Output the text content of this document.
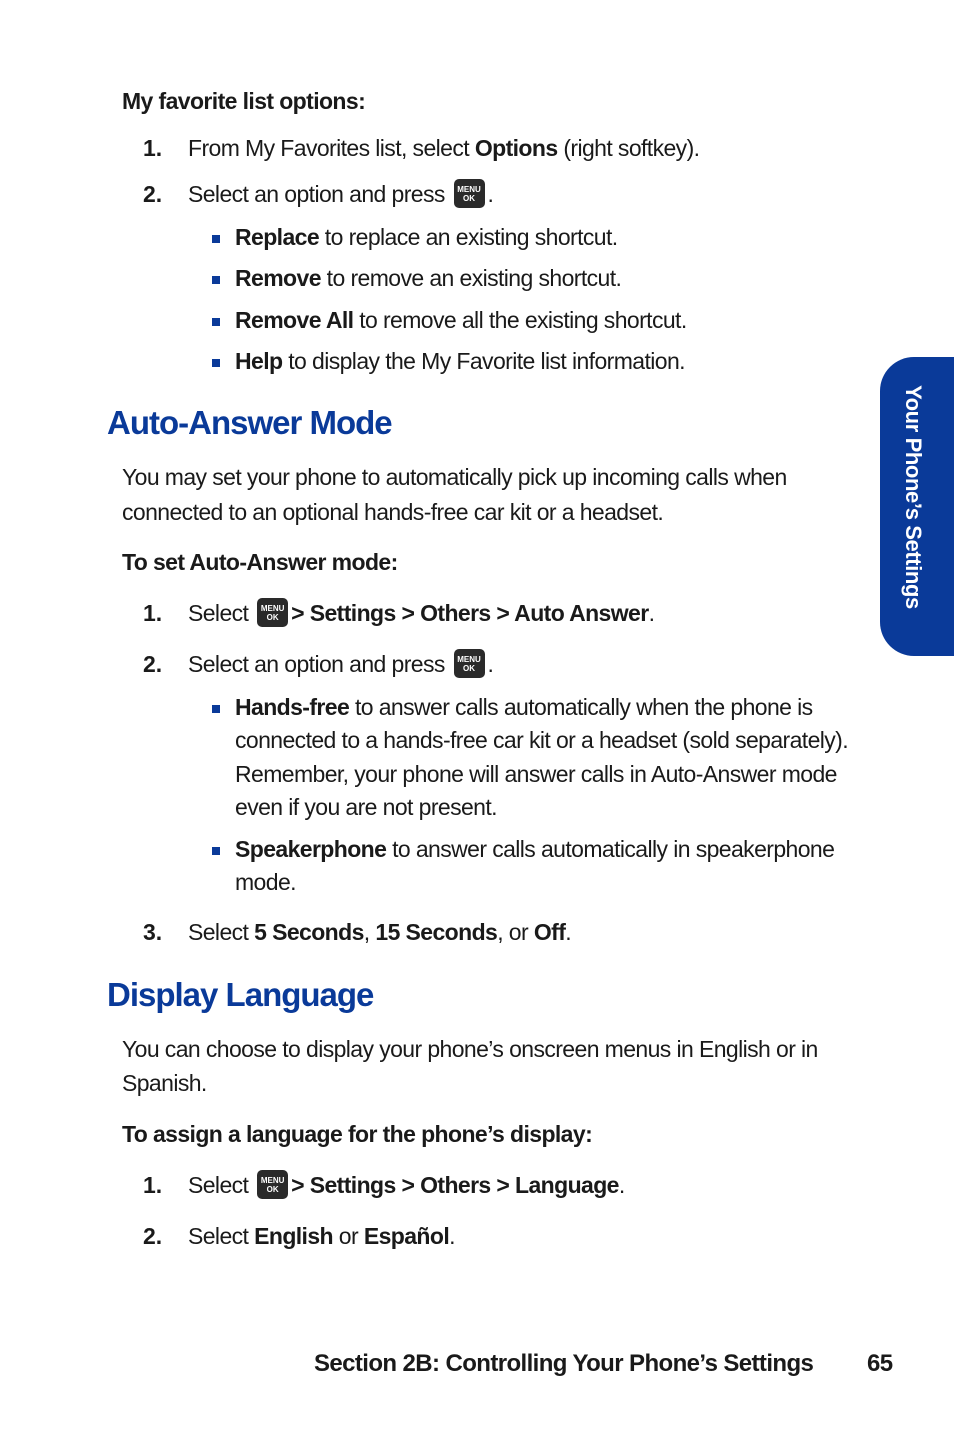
My favorite list options:
1. From My Favorites list, select Options (right softkey).
2. Select an option and press MENU
OK .
Replace to replace an existing shortcut.
Remove to remove an existing shortcut.
Remove All to remove all the existing shortcut.
Help to display the My Favorite list information.
Auto-Answer Mode
You may set your phone to automatically pick up incoming calls when
connected to an optional hands-free car kit or a headset.
To set Auto-Answer mode:
1. Select MENU
OK > Settings > Others > Auto Answer.
2. Select an option and press MENU
OK .
Hands-free to answer calls automatically when the phone is
connected to a hands-free car kit or a headset (sold separately).
Remember, your phone will answer calls in Auto-Answer mode
even if you are not present.
Speakerphone to answer calls automatically in speakerphone
mode.
3. Select 5 Seconds, 15 Seconds, or Off.
Display Language
You can choose to display your phone’s onscreen menus in English or in
Spanish.
To assign a language for the phone’s display:
1. Select MENU
OK > Settings > Others > Language.
2. Select English or Español.
Your Phone’s Settings
Section 2B: Controlling Your Phone’s Settings 65
